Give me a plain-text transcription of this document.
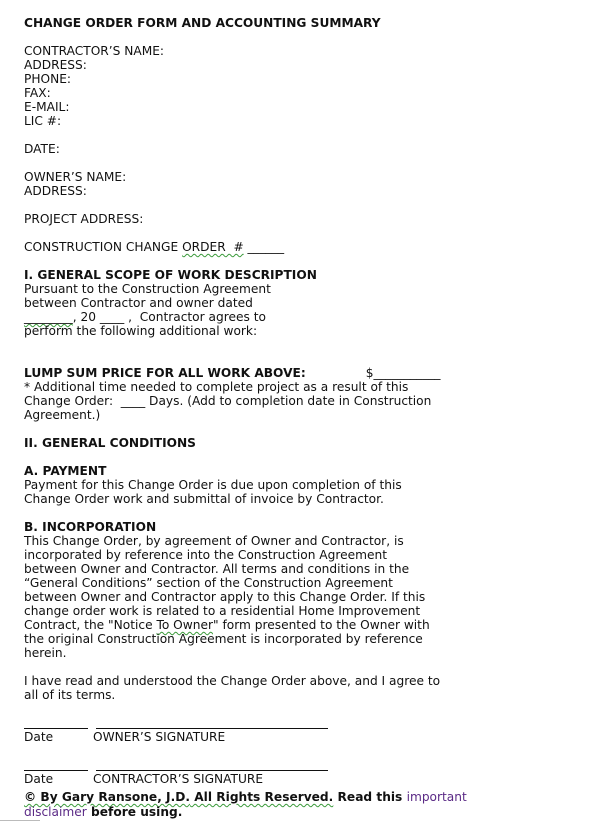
CHANGE ORDER FORM AND ACCOUNTING SUMMARY
CONTRACTOR’S NAME:
ADDRESS:
PHONE:
FAX:
E-MAIL:
LIC #:
DATE:
OWNER’S NAME:
ADDRESS:
PROJECT ADDRESS:
CONSTRUCTION CHANGE ORDER  # ______
I. GENERAL SCOPE OF WORK DESCRIPTION
Pursuant to the Construction Agreement
between Contractor and owner dated
________, 20 ____ ,  Contractor agrees to
perform the following additional work:
LUMP SUM PRICE FOR ALL WORK ABOVE:	$___________
* Additional time needed to complete project as a result of this
Change Order:  ____ Days. (Add to completion date in Construction
Agreement.)
II. GENERAL CONDITIONS
A. PAYMENT
Payment for this Change Order is due upon completion of this
Change Order work and submittal of invoice by Contractor.
B. INCORPORATION
This Change Order, by agreement of Owner and Contractor, is
incorporated by reference into the Construction Agreement
between Owner and Contractor. All terms and conditions in the
“General Conditions” section of the Construction Agreement
between Owner and Contractor apply to this Change Order. If this
change order work is related to a residential Home Improvement
Contract, the "Notice To Owner" form presented to the Owner with
the original Construction Agreement is incorporated by reference
herein.
I have read and understood the Change Order above, and I agree to
all of its terms.
Date	OWNER’S SIGNATURE
Date	CONTRACTOR’S SIGNATURE
© By Gary Ransone, J.D. All Rights Reserved. Read this important
disclaimer before using.
